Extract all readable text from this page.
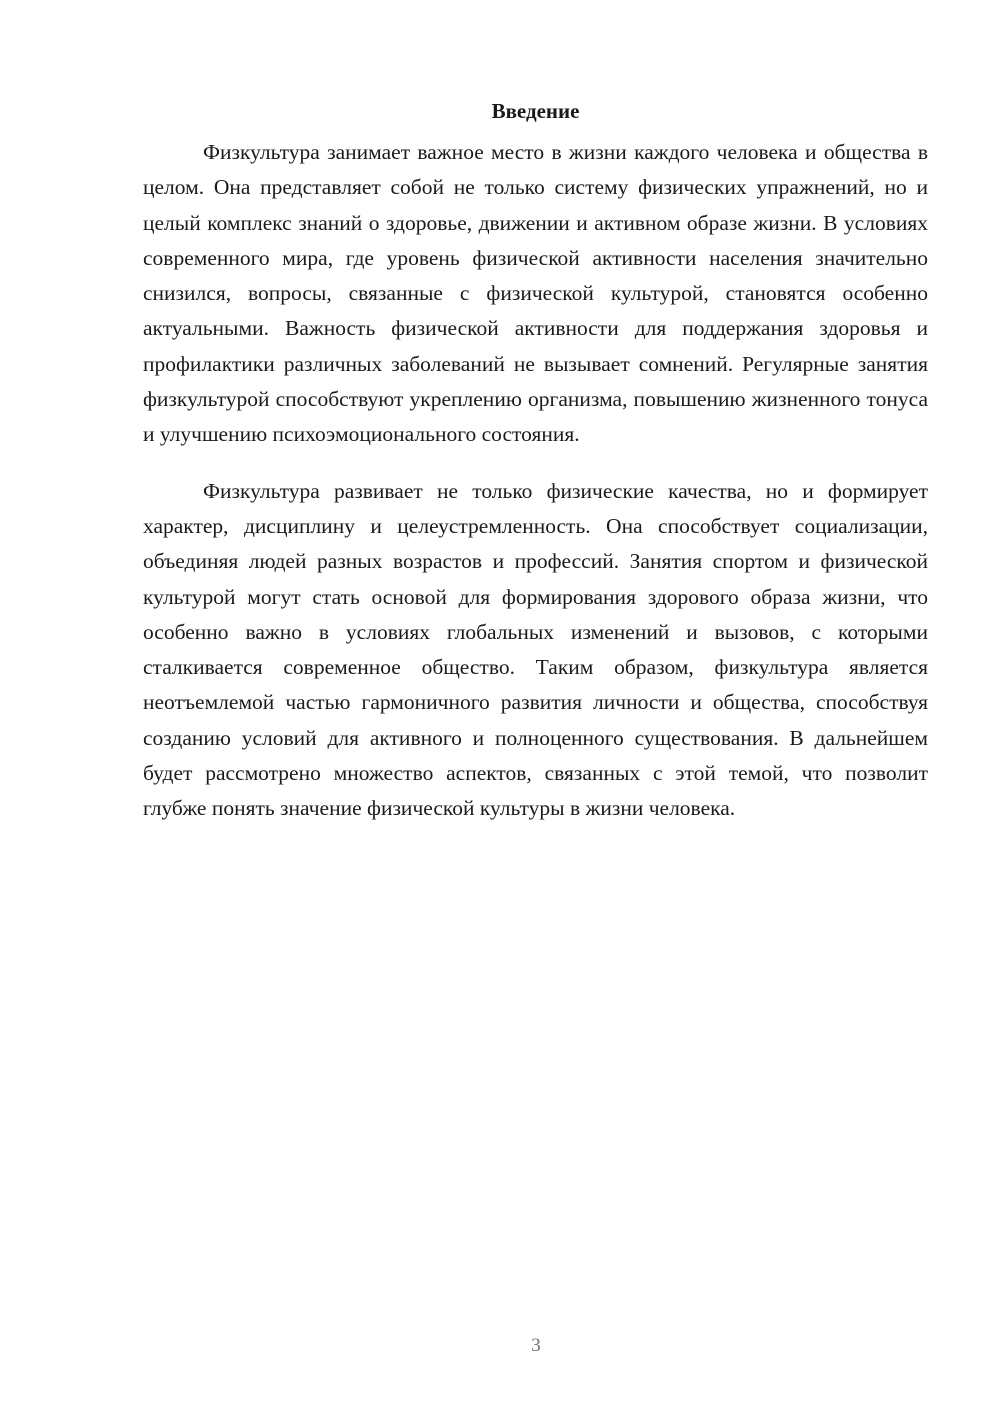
Введение

Физкультура занимает важное место в жизни каждого человека и общества в целом. Она представляет собой не только систему физических упражнений, но и целый комплекс знаний о здоровье, движении и активном образе жизни. В условиях современного мира, где уровень физической активности населения значительно снизился, вопросы, связанные с физической культурой, становятся особенно актуальными. Важность физической активности для поддержания здоровья и профилактики различных заболеваний не вызывает сомнений. Регулярные занятия физкультурой способствуют укреплению организма, повышению жизненного тонуса и улучшению психоэмоционального состояния.

Физкультура развивает не только физические качества, но и формирует характер, дисциплину и целеустремленность. Она способствует социализации, объединяя людей разных возрастов и профессий. Занятия спортом и физической культурой могут стать основой для формирования здорового образа жизни, что особенно важно в условиях глобальных изменений и вызовов, с которыми сталкивается современное общество. Таким образом, физкультура является неотъемлемой частью гармоничного развития личности и общества, способствуя созданию условий для активного и полноценного существования. В дальнейшем будет рассмотрено множество аспектов, связанных с этой темой, что позволит глубже понять значение физической культуры в жизни человека.

3
